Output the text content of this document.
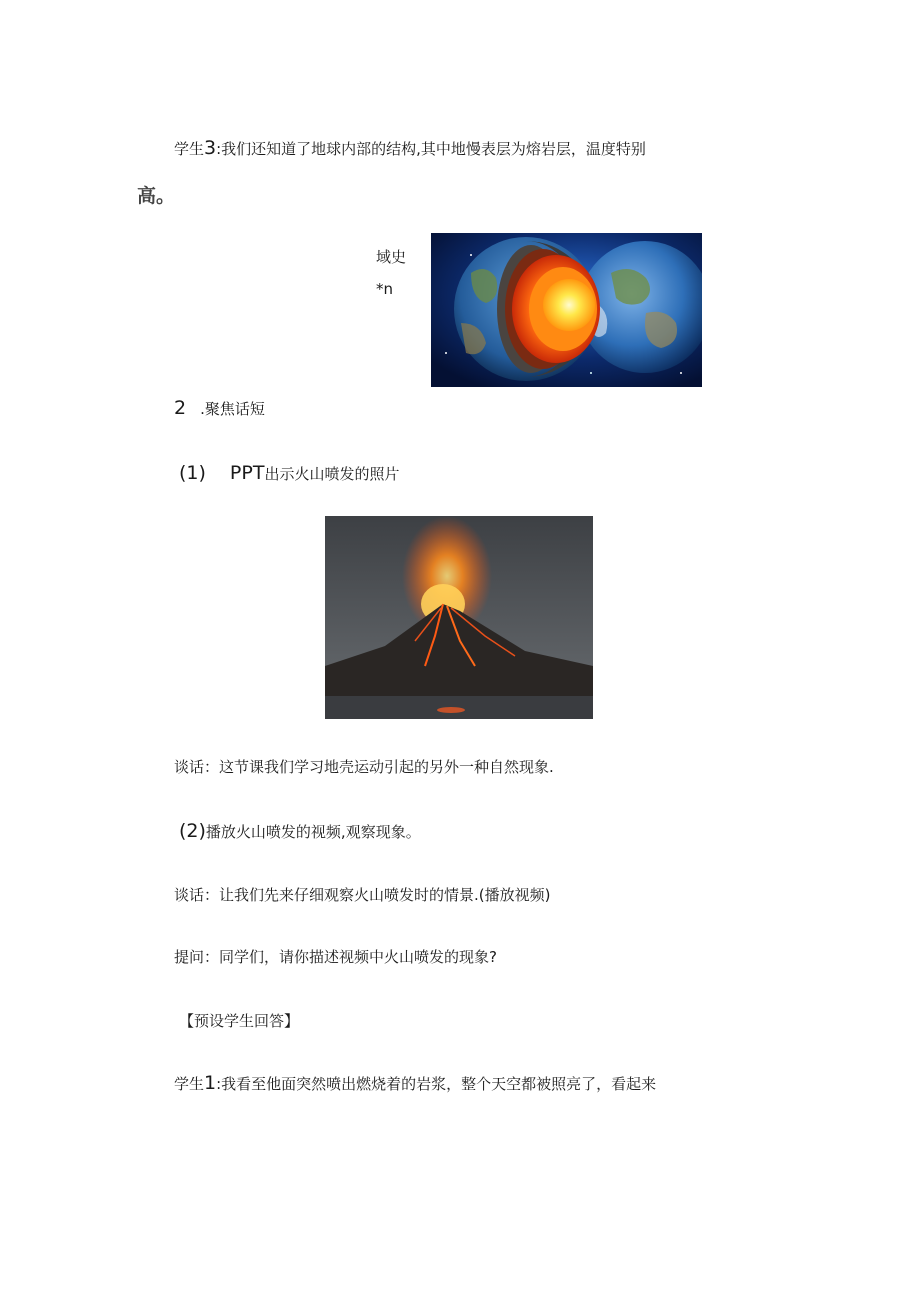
学生3:我们还知道了地球内部的结构,其中地慢表层为熔岩层，温度特别
高。
域史
*n
2 .聚焦话短
(1) PPT出示火山喷发的照片
谈话：这节课我们学习地壳运动引起的另外一种自然现象.
(2)播放火山喷发的视频,观察现象。
谈话：让我们先来仔细观察火山喷发时的情景.(播放视频)
提问：同学们，请你描述视频中火山喷发的现象?
【预设学生回答】
学生1:我看至他面突然喷出燃烧着的岩浆，整个天空都被照亮了，看起来
